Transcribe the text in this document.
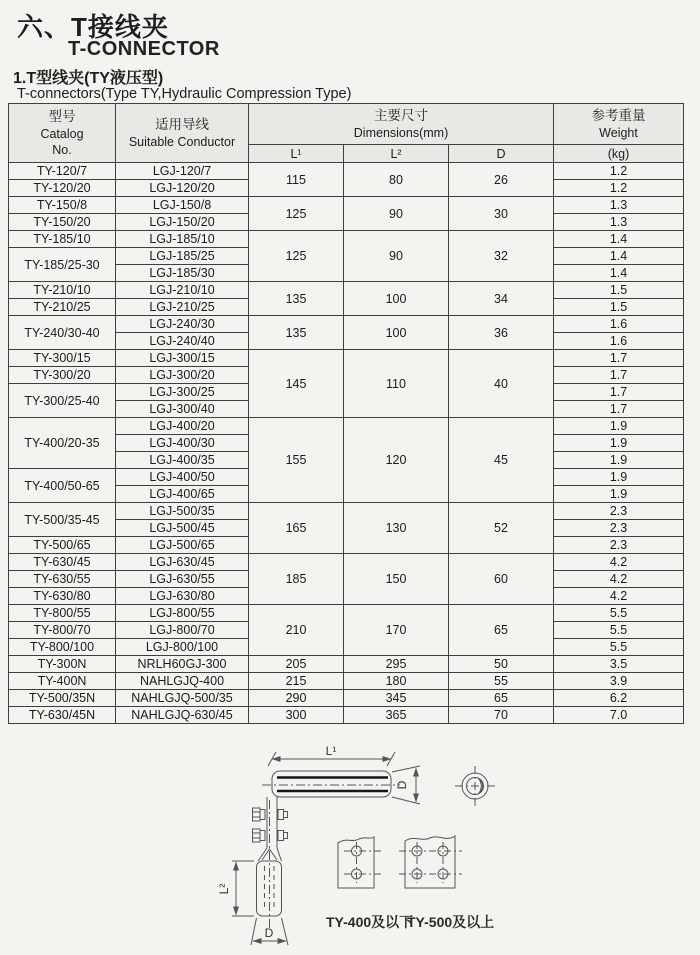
六、T接线夹
T-CONNECTOR
1.T型线夹(TY液压型)
T-connectors(Type TY,Hydraulic Compression Type)
型号
Catalog
No.

适用导线
Suitable Conductor

主要尺寸
Dimensions(mm)

参考重量
Weight

		L¹	L²	D	(kg)
TY-120/7	LGJ-120/7	115	80	26	1.2
TY-120/20	LGJ-120/20				1.2
TY-150/8	LGJ-150/8	125	90	30	1.3
TY-150/20	LGJ-150/20				1.3
TY-185/10	LGJ-185/10	125	90	32	1.4
TY-185/25-30	LGJ-185/25				1.4
	LGJ-185/30				1.4
TY-210/10	LGJ-210/10	135	100	34	1.5
TY-210/25	LGJ-210/25				1.5
TY-240/30-40	LGJ-240/30	135	100	36	1.6
	LGJ-240/40				1.6
TY-300/15	LGJ-300/15	145	110	40	1.7
TY-300/20	LGJ-300/20				1.7
TY-300/25-40	LGJ-300/25				1.7
	LGJ-300/40				1.7
TY-400/20-35	LGJ-400/20	155	120	45	1.9
	LGJ-400/30				1.9
	LGJ-400/35				1.9
TY-400/50-65	LGJ-400/50				1.9
	LGJ-400/65				1.9
TY-500/35-45	LGJ-500/35	165	130	52	2.3
	LGJ-500/45				2.3
TY-500/65	LGJ-500/65				2.3
TY-630/45	LGJ-630/45	185	150	60	4.2
TY-630/55	LGJ-630/55				4.2
TY-630/80	LGJ-630/80				4.2
TY-800/55	LGJ-800/55	210	170	65	5.5
TY-800/70	LGJ-800/70				5.5
TY-800/100	LGJ-800/100				5.5
TY-300N	NRLH60GJ-300	205	295	50	3.5
TY-400N	NAHLGJQ-400	215	180	55	3.9
TY-500/35N	NAHLGJQ-500/35	290	345	65	6.2
TY-630/45N	NAHLGJQ-630/45	300	365	70	7.0
L¹
D
L²
D
TY-400及以下
TY-500及以上
